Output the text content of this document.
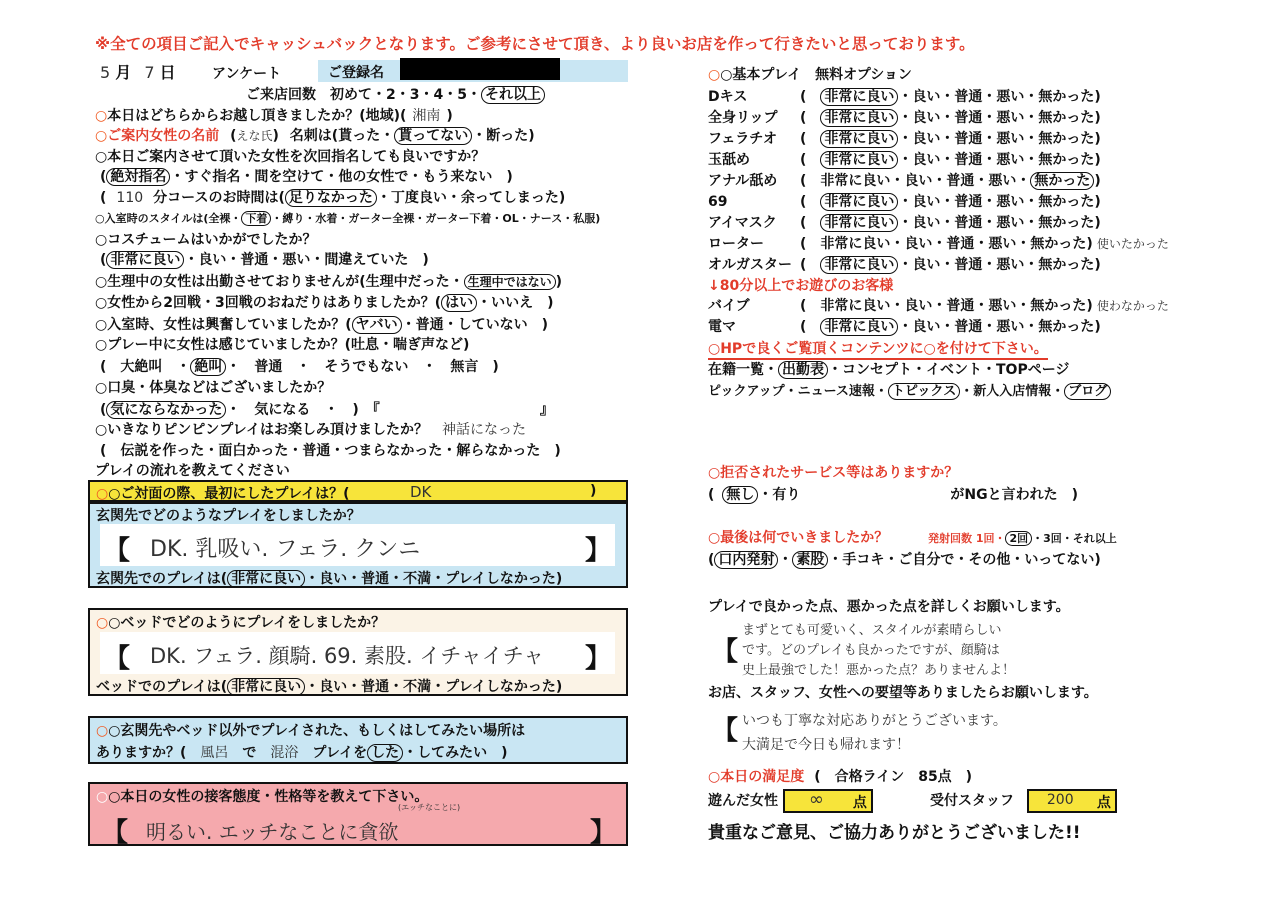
※全ての項目ご記入でキャッシュバックとなります。ご参考にさせて頂き、より良いお店を作って行きたいと思っております。
5 月 7 日	アンケート	ご登録名
ご来店回数　 初めて・2・3・4・5・ それ以上
○本日はどちらからお越し頂きましたか？(地域)( 湘南 )
○ご案内女性の名前 (えな氏) 名刺は(貰った・ 貰ってない ・断った)
○本日ご案内させて頂いた女性を次回指名しても良いですか？
( 絶対指名 ・すぐ指名・間を空けて・他の女性で・もう来ない　)
( 110 分コースのお時間は( 足りなかった ・丁度良い・余ってしまった)
○入室時のスタイルは(全裸・ 下着 ・縛り・水着・ガーター全裸・ガーター下着・OL・ナース・私服)
○コスチュームはいかがでしたか？
( 非常に良い ・良い・普通・悪い・間違えていた　)
○生理中の女性は出勤させておりませんが(生理中だった・ 生理中ではない )
○女性から2回戦・3回戦のおねだりはありましたか？( はい ・いいえ　)
○入室時、女性は興奮していましたか？( ヤバい ・普通・していない　)
○プレー中に女性は感じていましたか？(吐息・喘ぎ声など)
(　大絶叫　・ 絶叫 ・　普通　・　そうでもない　・　無言　)
○口臭・体臭などはございましたか？
( 気にならなかった ・　気になる　・　)　『	』
○いきなりピンピンプレイはお楽しみ頂けましたか？ 神話になった
(　伝説を作った・面白かった・普通・つまらなかった・解らなかった　)
プレイの流れを教えてください
○○ご対面の際、最初にしたプレイは？(	DK	)
玄関先でどのようなプレイをしましたか？
【 DK. 乳吸い. フェラ. クンニ	】
玄関先でのプレイは( 非常に良い ・良い・普通・不満・プレイしなかった)
○○ベッドでどのようにプレイをしましたか？
【 DK. フェラ. 顔騎. 69. 素股. イチャイチャ 】
ベッドでのプレイは( 非常に良い ・良い・普通・不満・プレイしなかった)
○○玄関先やベッド以外でプレイされた、もしくはしてみたい場所は
ありますか？( 風呂 で 混浴 プレイを した ・してみたい　)
○○本日の女性の接客態度・性格等を教えて下さい。
(エッチなことに)
【 明るい. エッチなことに貪欲	】
○○基本プレイ　無料オプション
Dキス	(　非常に良い ・良い・普通・悪い・無かった)
全身リップ (　非常に良い ・良い・普通・悪い・無かった)
フェラチオ (　非常に良い ・良い・普通・悪い・無かった)
玉舐め	(　非常に良い ・良い・普通・悪い・無かった)
アナル舐め (　非常に良い・良い・普通・悪い・ 無かった )
69	(　非常に良い ・良い・普通・悪い・無かった)
アイマスク (　非常に良い ・良い・普通・悪い・無かった)
ローター	(　非常に良い・良い・普通・悪い・無かった) 使いたかった
オルガスター (　非常に良い ・良い・普通・悪い・無かった)
↓80分以上でお遊びのお客様
バイブ	(　非常に良い・良い・普通・悪い・無かった) 使わなかった
電マ	(　非常に良い ・良い・普通・悪い・無かった)
○HPで良くご覧頂くコンテンツに○を付けて下さい。
在籍一覧・ 出勤表 ・コンセプト・イベント・TOPページ
ピックアップ・ニュース速報・ トピックス ・新人入店情報・ ブログ
○拒否されたサービス等はありますか？
( 無し ・有り	がNGと言われた　)
○最後は何でいきましたか？	発射回数 1回・ 2回 ・3回・それ以上
( 口内発射 ・ 素股 ・手コキ・ご自分で・その他・いってない)
プレイで良かった点、悪かった点を詳しくお願いします。
【
まずとても可愛いく、スタイルが素晴らしい
です。どのプレイも良かったですが、顔騎は
史上最強でした！悪かった点？ありませんよ！
お店、スタッフ、女性への要望等ありましたらお願いします。
【 いつも丁寧な対応ありがとうございます。
大満足で今日も帰れます！
○本日の満足度 (　合格ライン　85点　)
遊んだ女性 ∞ 点	受付スタッフ 200 点
貴重なご意見、ご協力ありがとうございました!!
